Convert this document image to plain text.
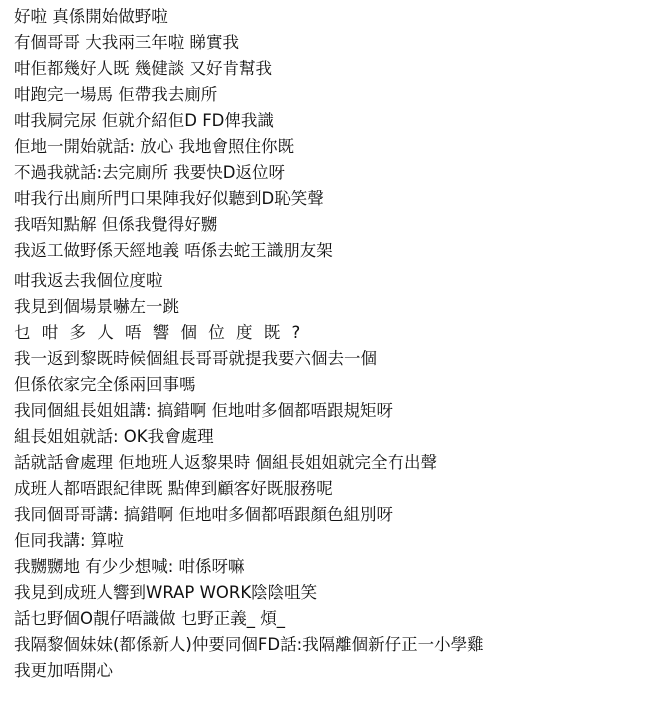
好啦 真係開始做野啦
有個哥哥 大我兩三年啦 睇實我
咁佢都幾好人既 幾健談 又好肯幫我
咁跑完一場馬 佢帶我去廁所
咁我屙完尿 佢就介紹佢D FD俾我識
佢地一開始就話: 放心 我地會照住你既
不過我就話:去完廁所 我要快D返位呀
咁我行出廁所門口果陣我好似聽到D恥笑聲
我唔知點解 但係我覺得好嬲
我返工做野係天經地義 唔係去蛇王識朋友架
咁我返去我個位度啦
我見到個場景嚇左一跳
乜 咁 多 人 唔 響 個 位 度 既 ?
我一返到黎既時候個組長哥哥就提我要六個去一個
但係依家完全係兩回事嗎
我同個組長姐姐講: 搞錯啊 佢地咁多個都唔跟規矩呀
組長姐姐就話: OK我會處理
話就話會處理 佢地班人返黎果時 個組長姐姐就完全冇出聲
成班人都唔跟紀律既 點俾到顧客好既服務呢
我同個哥哥講: 搞錯啊 佢地咁多個都唔跟顏色組別呀
佢同我講: 算啦
我嬲嬲地 有少少想喊: 咁係呀嘛
我見到成班人響到WRAP WORK陰陰咀笑
話乜野個O靚仔唔識做 乜野正義_ 煩_
我隔黎個妹妹(都係新人)仲要同個FD話:我隔離個新仔正一小學雞
我更加唔開心
